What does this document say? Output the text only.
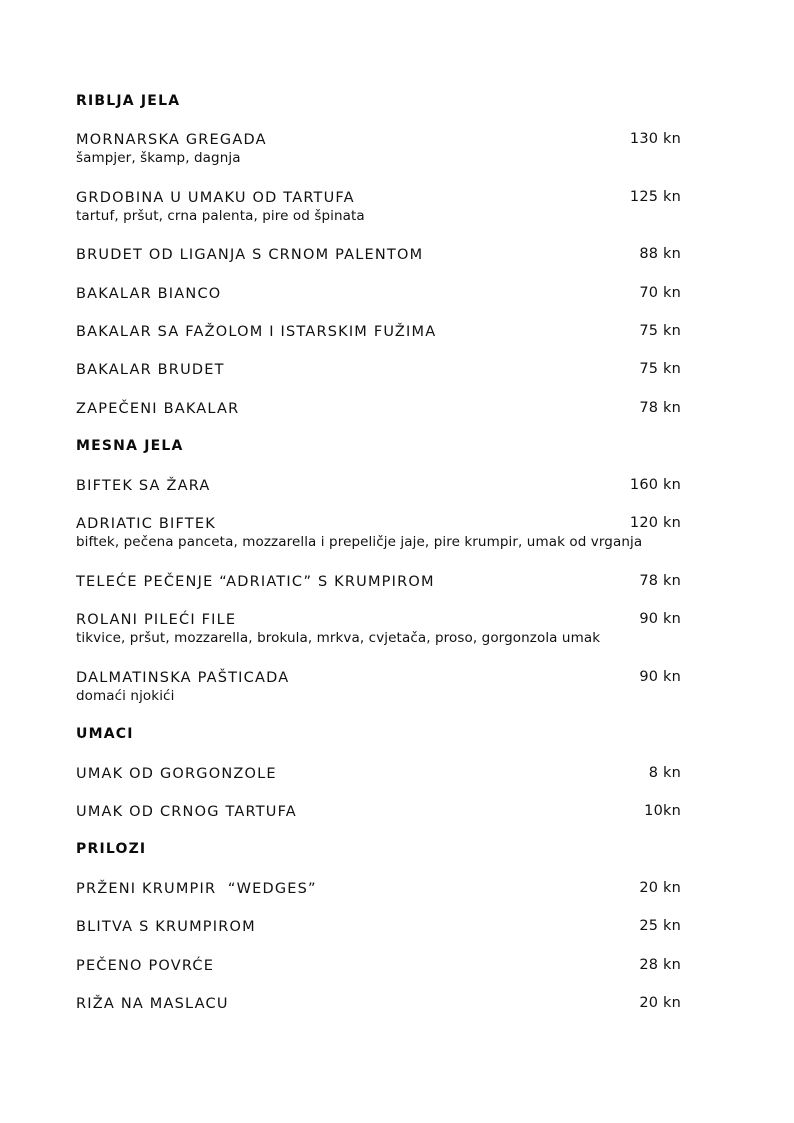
RIBLJA JELA
MORNARSKA GREGADA	130 kn
šampjer, škamp, dagnja
GRDOBINA U UMAKU OD TARTUFA	125 kn
tartuf, pršut, crna palenta, pire od špinata
BRUDET OD LIGANJA S CRNOM PALENTOM	88 kn
BAKALAR BIANCO	70 kn
BAKALAR SA FAŽOLOM I ISTARSKIM FUŽIMA	75 kn
BAKALAR BRUDET	75 kn
ZAPEČENI BAKALAR	78 kn
MESNA JELA
BIFTEK SA ŽARA	160 kn
ADRIATIC BIFTEK	120 kn
biftek, pečena panceta, mozzarella i prepeličje jaje, pire krumpir, umak od vrganja
TELEĆE PEČENJE “ADRIATIC” S KRUMPIROM	78 kn
ROLANI PILEĆI FILE	90 kn
tikvice, pršut, mozzarella, brokula, mrkva, cvjetača, proso, gorgonzola umak
DALMATINSKA PAŠTICADA	90 kn
domaći njokići
UMACI
UMAK OD GORGONZOLE	8 kn
UMAK OD CRNOG TARTUFA	10kn
PRILOZI
PRŽENI KRUMPIR  “WEDGES”	20 kn
BLITVA S KRUMPIROM	25 kn
PEČENO POVRĆE	28 kn
RIŽA NA MASLACU	20 kn
